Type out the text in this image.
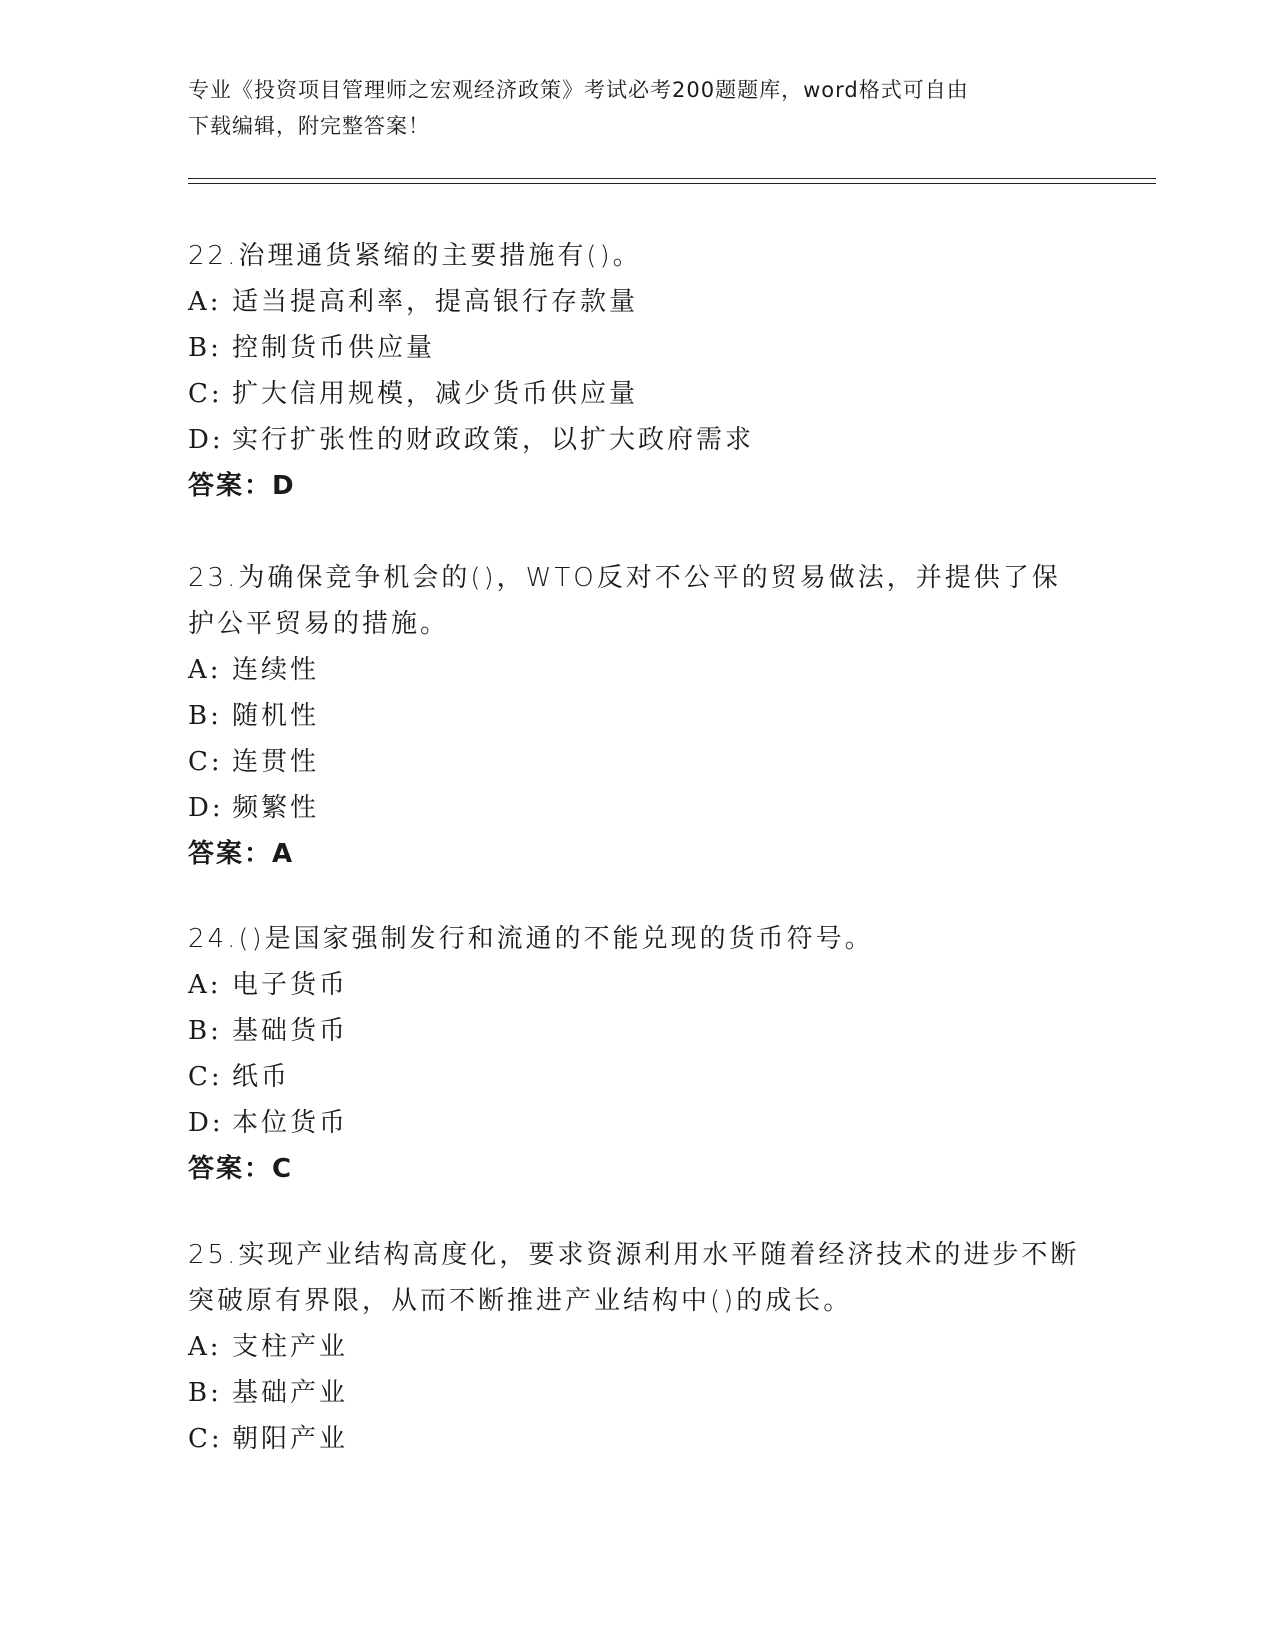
专业《投资项目管理师之宏观经济政策》考试必考200题题库，word格式可自由
下载编辑，附完整答案！
22.治理通货紧缩的主要措施有()。
A: 适当提高利率，提高银行存款量
B: 控制货币供应量
C: 扩大信用规模，减少货币供应量
D: 实行扩张性的财政政策，以扩大政府需求
答案：D
23.为确保竞争机会的()，WTO反对不公平的贸易做法，并提供了保护公平贸易的措施。
A: 连续性
B: 随机性
C: 连贯性
D: 频繁性
答案：A
24.()是国家强制发行和流通的不能兑现的货币符号。
A: 电子货币
B: 基础货币
C: 纸币
D: 本位货币
答案：C
25.实现产业结构高度化，要求资源利用水平随着经济技术的进步不断突破原有界限，从而不断推进产业结构中()的成长。
A: 支柱产业
B: 基础产业
C: 朝阳产业
